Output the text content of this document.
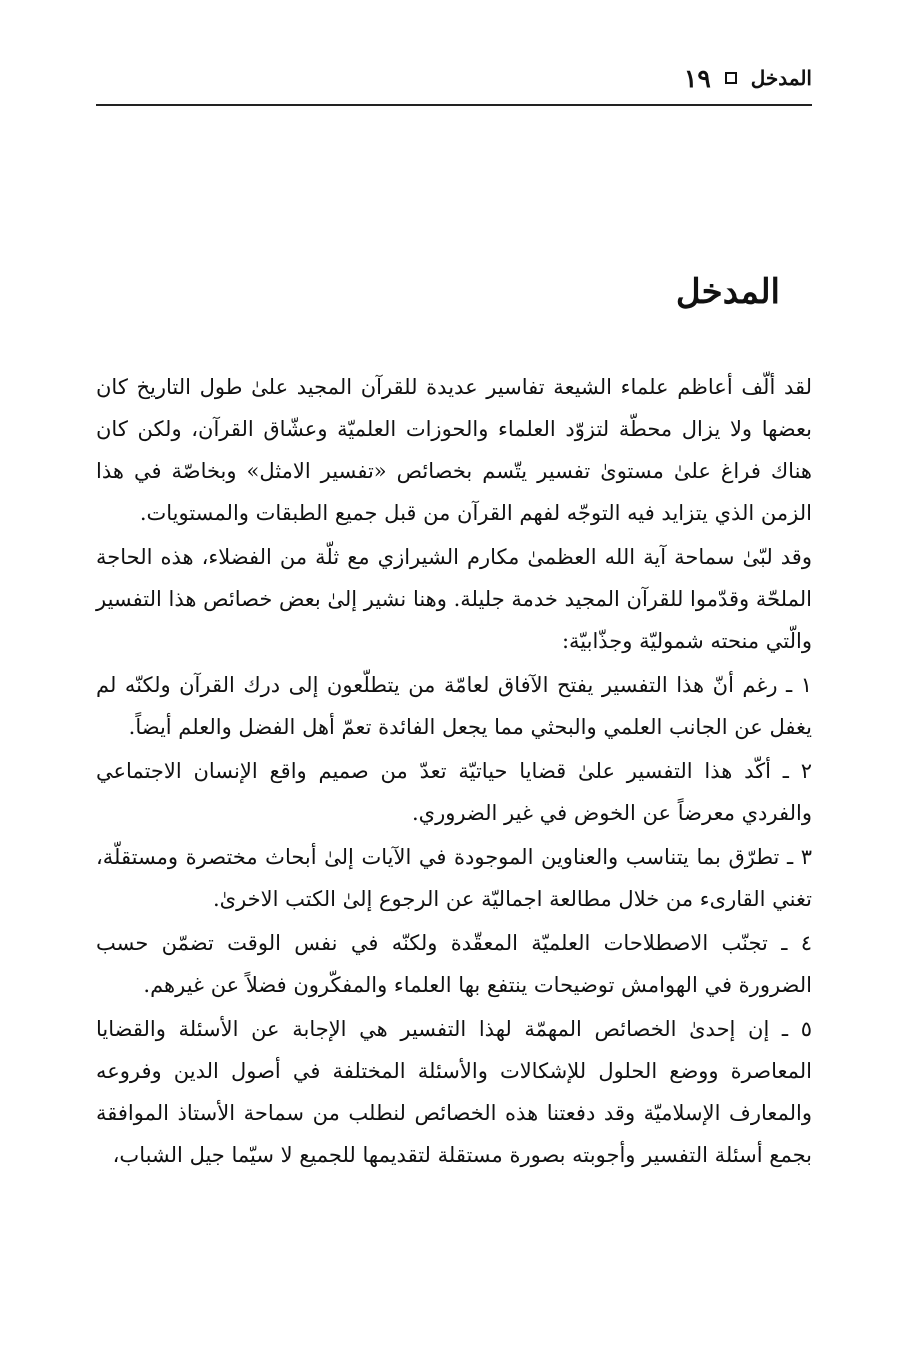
المدخل
١٩
المدخل

لقد ألّف أعاظم علماء الشيعة تفاسير عديدة للقرآن المجيد علىٰ طول التاريخ كان بعضها ولا يزال محطّة لتزوّد العلماء والحوزات العلميّة وعشّاق القرآن، ولكن كان هناك فراغ علىٰ مستوىٰ تفسير يتّسم بخصائص «تفسير الامثل» وبخاصّة في هذا الزمن الذي يتزايد فيه التوجّه لفهم القرآن من قبل جميع الطبقات والمستويات.

وقد لبّىٰ سماحة آية الله العظمىٰ مكارم الشيرازي مع ثلّة من الفضلاء، هذه الحاجة الملحّة وقدّموا للقرآن المجيد خدمة جليلة. وهنا نشير إلىٰ بعض خصائص هذا التفسير والّتي منحته شموليّة وجذّابيّة:

١ ـ رغم أنّ هذا التفسير يفتح الآفاق لعامّة من يتطلّعون إلى درك القرآن ولكنّه لم يغفل عن الجانب العلمي والبحثي مما يجعل الفائدة تعمّ أهل الفضل والعلم أيضاً.

٢ ـ أكّد هذا التفسير علىٰ قضايا حياتيّة تعدّ من صميم واقع الإنسان الاجتماعي والفردي معرضاً عن الخوض في غير الضروري.

٣ ـ تطرّق بما يتناسب والعناوين الموجودة في الآيات إلىٰ أبحاث مختصرة ومستقلّة، تغني القارىء من خلال مطالعة اجماليّة عن الرجوع إلىٰ الكتب الاخرىٰ.

٤ ـ تجنّب الاصطلاحات العلميّة المعقّدة ولكنّه في نفس الوقت تضمّن حسب الضرورة في الهوامش توضيحات ينتفع بها العلماء والمفكّرون فضلاً عن غيرهم.

٥ ـ إن إحدىٰ الخصائص المهمّة لهذا التفسير هي الإجابة عن الأسئلة والقضايا المعاصرة ووضع الحلول للإشكالات والأسئلة المختلفة في أصول الدين وفروعه والمعارف الإسلاميّة وقد دفعتنا هذه الخصائص لنطلب من سماحة الأستاذ الموافقة بجمع أسئلة التفسير وأجوبته بصورة مستقلة لتقديمها للجميع لا سيّما جيل الشباب،
